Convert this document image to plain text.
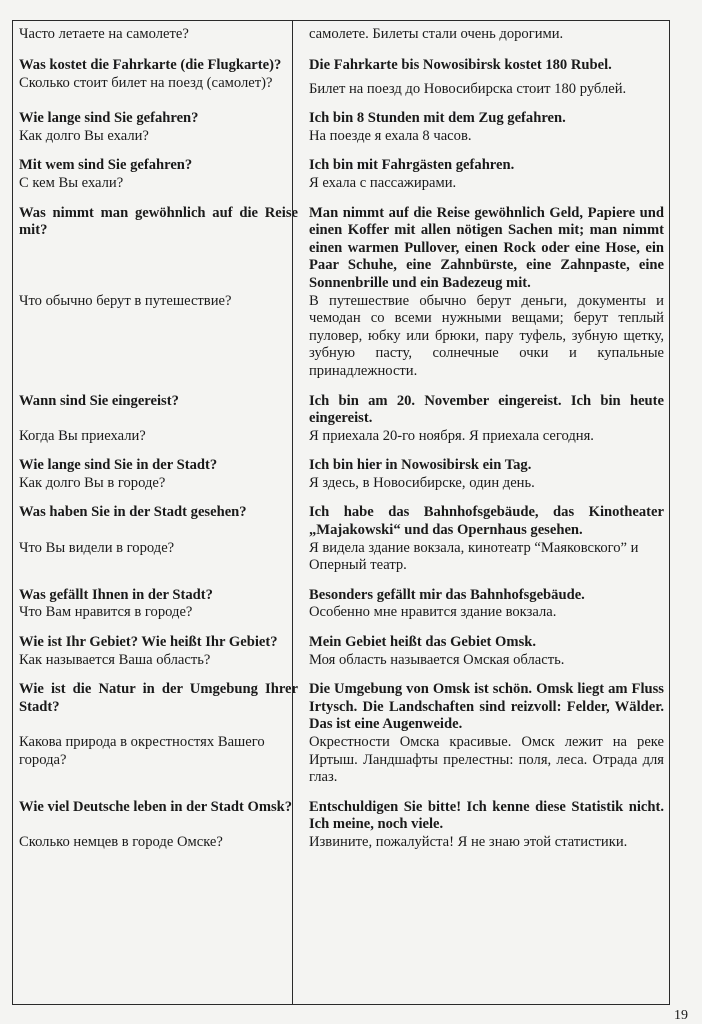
Часто летаете на самолете?	самолете. Билеты стали очень дорогими.

Was kostet die Fahrkarte (die Flugkarte)?	Die Fahrkarte bis Nowosibirsk kostet 180 Rubel.
Сколько стоит билет на поезд (самолет)?	Билет на поезд до Новосибирска стоит 180 рублей.

Wie lange sind Sie gefahren?	Ich bin 8 Stunden mit dem Zug gefahren.
Как долго Вы ехали?	На поезде я ехала 8 часов.

Mit wem sind Sie gefahren?	Ich bin mit Fahrgästen gefahren.
С кем Вы ехали?	Я ехала с пассажирами.

Was nimmt man gewöhnlich auf die Reise mit?	Man nimmt auf die Reise gewöhnlich Geld, Papiere und einen Koffer mit allen nötigen Sachen mit; man nimmt einen warmen Pullover, einen Rock oder eine Hose, ein Paar Schuhe, eine Zahnbürste, eine Zahnpaste, eine Sonnenbrille und ein Badezeug mit.
Что обычно берут в путешествие?	В путешествие обычно берут деньги, документы и чемодан со всеми нужными вещами; берут теплый пуловер, юбку или брюки, пару туфель, зубную щетку, зубную пасту, солнечные очки и купальные принадлежности.

Wann sind Sie eingereist?	Ich bin am 20. November eingereist. Ich bin heute eingereist.
Когда Вы приехали?	Я приехала 20-го ноября. Я приехала сегодня.

Wie lange sind Sie in der Stadt?	Ich bin hier in Nowosibirsk ein Tag.
Как долго Вы в городе?	Я здесь, в Новосибирске, один день.

Was haben Sie in der Stadt gesehen?	Ich habe das Bahnhofsgebäude, das Kinotheater „Majakowski“ und das Opernhaus gesehen.
Что Вы видели в городе?	Я видела здание вокзала, кинотеатр “Маяковского” и Оперный театр.

Was gefällt Ihnen in der Stadt?	Besonders gefällt mir das Bahnhofsgebäude.
Что Вам нравится в городе?	Особенно мне нравится здание вокзала.

Wie ist Ihr Gebiet? Wie heißt Ihr Gebiet?	Mein Gebiet heißt das Gebiet Omsk.
Как называется Ваша область?	Моя область называется Омская область.

Wie ist die Natur in der Umgebung Ihrer Stadt?	Die Umgebung von Omsk ist schön. Omsk liegt am Fluss Irtysch. Die Landschaften sind reizvoll: Felder, Wälder. Das ist eine Augenweide.
Какова природа в окрестностях Вашего города?	Окрестности Омска красивые. Омск лежит на реке Иртыш. Ландшафты прелестны: поля, леса. Отрада для глаз.

Wie viel Deutsche leben in der Stadt Omsk?	Entschuldigen Sie bitte! Ich kenne diese Statistik nicht. Ich meine, noch viele.
Сколько немцев в городе Омске?	Извините, пожалуйста! Я не знаю этой статистики.
19
